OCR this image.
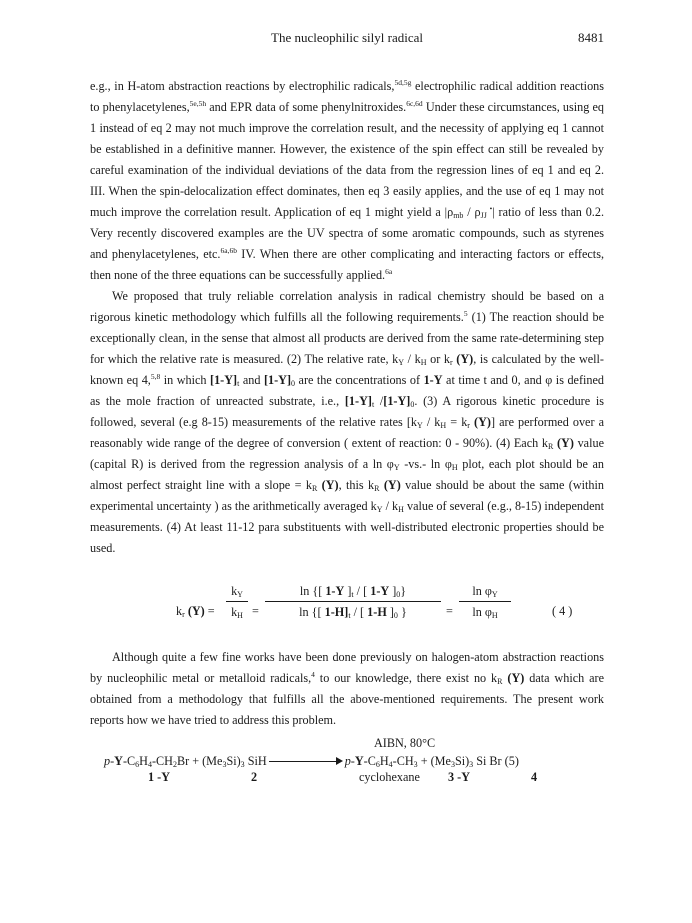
The nucleophilic silyl radical	8481

e.g., in H-atom abstraction reactions by electrophilic radicals,$^{5d,5g}$ electrophilic radical addition reactions to phenylacetylenes,$^{5e,5h}$ and EPR data of some phenylnitroxides.$^{6c,6d}$ Under these circumstances, using eq 1 instead of eq 2 may not much improve the correlation result, and the necessity of applying eq 1 cannot be established in a definitive manner. However, the existence of the spin effect can still be revealed by careful examination of the individual deviations of the data from the regression lines of eq 1 and eq 2. III. When the spin-delocalization effect dominates, then eq 3 easily applies, and the use of eq 1 may not much improve the correlation result. Application of eq 1 might yield a $|\rho_{mb} / \rho_{JJ}$ •| ratio of less than 0.2. Very recently discovered examples are the UV spectra of some aromatic compounds, such as styrenes and phenylacetylenes, etc.$^{6a,6b}$ IV. When there are other complicating and interacting factors or effects, then none of the three equations can be successfully applied.$^{6a}$

We proposed that truly reliable correlation analysis in radical chemistry should be based on a rigorous kinetic methodology which fulfills all the following requirements.$^5$ (1) The reaction should be exceptionally clean, in the sense that almost all products are derived from the same rate-determining step for which the relative rate is measured. (2) The relative rate, $k_Y / k_H$ or $k_r$ (Y), is calculated by the well-known eq 4,$^{5,8}$ in which $[1-Y]_t$ and $[1-Y]_0$ are the concentrations of 1-Y at time t and 0, and φ is defined as the mole fraction of unreacted substrate, i.e., $[1-Y]_t$ $/[1-Y]_0$. (3) A rigorous kinetic procedure is followed, several (e.g 8-15) measurements of the relative rates [$k_Y / k_H = k_r$ (Y)] are performed over a reasonably wide range of the degree of conversion ( extent of reaction: 0 - 90%). (4) Each $k_R$ (Y) value (capital R) is derived from the regression analysis of a $\ln \varphi_Y$ -vs.- $\ln \varphi_H$ plot, each plot should be an almost perfect straight line with a slope = $k_R$ (Y), this $k_R$ (Y) value should be about the same (within experimental uncertainty ) as the arithmetically averaged $k_Y / k_H$ value of several (e.g., 8-15) independent measurements. (4) At least 11-12 para substituents with well-distributed electronic properties should be used.

$k_r$ (Y) =
$k_Y$
$k_H$ =
ln {[ 1-Y ]$_t$ / [ 1-Y ]$_0$}
ln {[ $1-H]_t$ / [ 1-H ]$_0$ }	=
$\ln \varphi_Y$
$\ln \varphi_H$	( 4 )

Although quite a few fine works have been done previously on halogen-atom abstraction reactions by nucleophilic metal or metalloid radicals,$^4$ to our knowledge, there exist no $k_R$ (Y) data which are obtained from a methodology that fulfills all the above-mentioned requirements. The present work reports how we have tried to address this problem.

AIBN, 80°C
$p-Y-C_6H_4-CH_2Br + (Me_3Si)_3$ SiH	$p-Y-C_6H_4-CH_3 + (Me_3Si)_3$ Si Br (5)
1 -Y	2	cyclohexane 3 -Y	4
